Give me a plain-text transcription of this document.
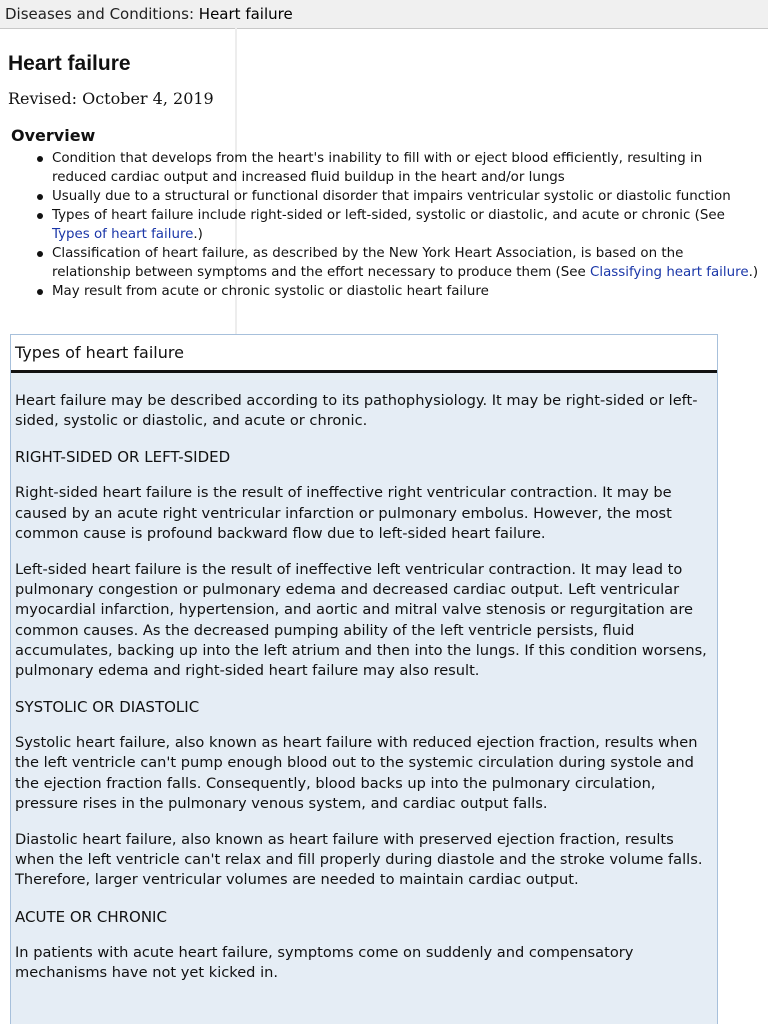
Diseases and Conditions: Heart failure
Heart failure
Revised: October 4, 2019
Overview
Condition that develops from the heart's inability to fill with or eject blood efficiently, resulting in reduced cardiac output and increased fluid buildup in the heart and/or lungs
Usually due to a structural or functional disorder that impairs ventricular systolic or diastolic function
Types of heart failure include right-sided or left-sided, systolic or diastolic, and acute or chronic (See Types of heart failure.)
Classification of heart failure, as described by the New York Heart Association, is based on the relationship between symptoms and the effort necessary to produce them (See Classifying heart failure.)
May result from acute or chronic systolic or diastolic heart failure
Types of heart failure

Heart failure may be described according to its pathophysiology. It may be right-sided or left-sided, systolic or diastolic, and acute or chronic.

RIGHT-SIDED OR LEFT-SIDED

Right-sided heart failure is the result of ineffective right ventricular contraction. It may be caused by an acute right ventricular infarction or pulmonary embolus. However, the most common cause is profound backward flow due to left-sided heart failure.

Left-sided heart failure is the result of ineffective left ventricular contraction. It may lead to pulmonary congestion or pulmonary edema and decreased cardiac output. Left ventricular myocardial infarction, hypertension, and aortic and mitral valve stenosis or regurgitation are common causes. As the decreased pumping ability of the left ventricle persists, fluid accumulates, backing up into the left atrium and then into the lungs. If this condition worsens, pulmonary edema and right-sided heart failure may also result.

SYSTOLIC OR DIASTOLIC

Systolic heart failure, also known as heart failure with reduced ejection fraction, results when the left ventricle can't pump enough blood out to the systemic circulation during systole and the ejection fraction falls. Consequently, blood backs up into the pulmonary circulation, pressure rises in the pulmonary venous system, and cardiac output falls.

Diastolic heart failure, also known as heart failure with preserved ejection fraction, results when the left ventricle can't relax and fill properly during diastole and the stroke volume falls. Therefore, larger ventricular volumes are needed to maintain cardiac output.

ACUTE OR CHRONIC

In patients with acute heart failure, symptoms come on suddenly and compensatory mechanisms have not yet kicked in.
